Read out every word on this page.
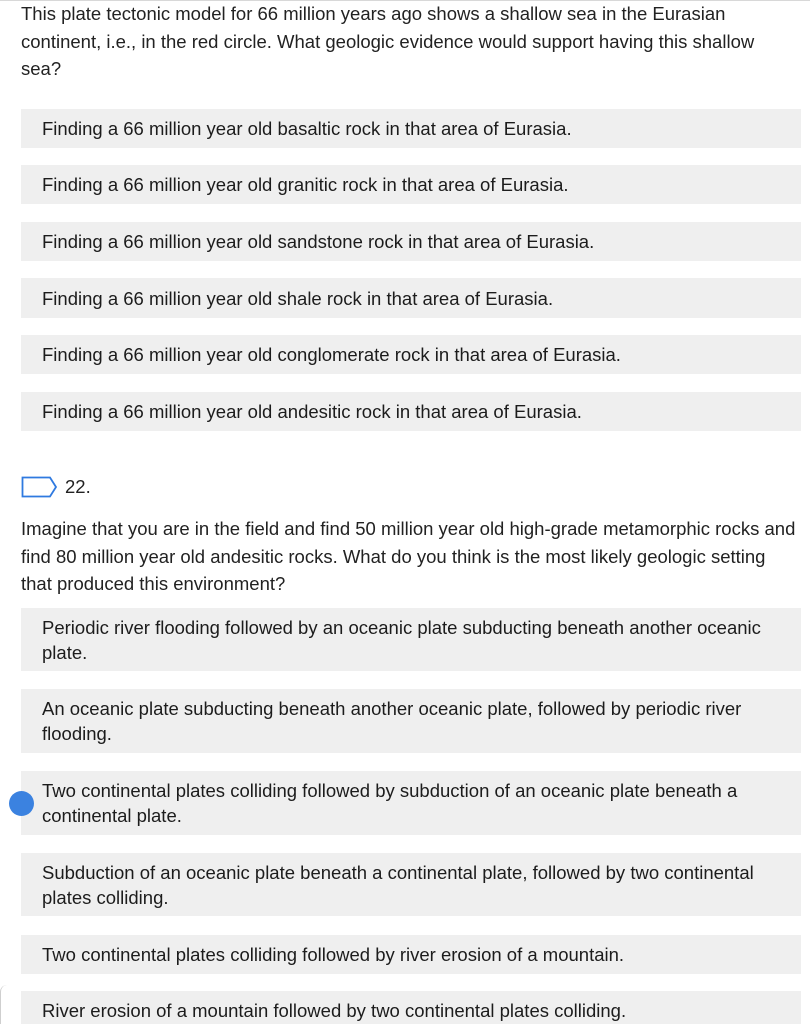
This plate tectonic model for 66 million years ago shows a shallow sea in the Eurasian continent, i.e., in the red circle. What geologic evidence would support having this shallow sea?

Finding a 66 million year old basaltic rock in that area of Eurasia.
Finding a 66 million year old granitic rock in that area of Eurasia.
Finding a 66 million year old sandstone rock in that area of Eurasia.
Finding a 66 million year old shale rock in that area of Eurasia.
Finding a 66 million year old conglomerate rock in that area of Eurasia.
Finding a 66 million year old andesitic rock in that area of Eurasia.
22.

Imagine that you are in the field and find 50 million year old high-grade metamorphic rocks and find 80 million year old andesitic rocks. What do you think is the most likely geologic setting that produced this environment?

Periodic river flooding followed by an oceanic plate subducting beneath another oceanic plate.
An oceanic plate subducting beneath another oceanic plate, followed by periodic river flooding.
Two continental plates colliding followed by subduction of an oceanic plate beneath a continental plate.
Subduction of an oceanic plate beneath a continental plate, followed by two continental plates colliding.
Two continental plates colliding followed by river erosion of a mountain.
River erosion of a mountain followed by two continental plates colliding.
